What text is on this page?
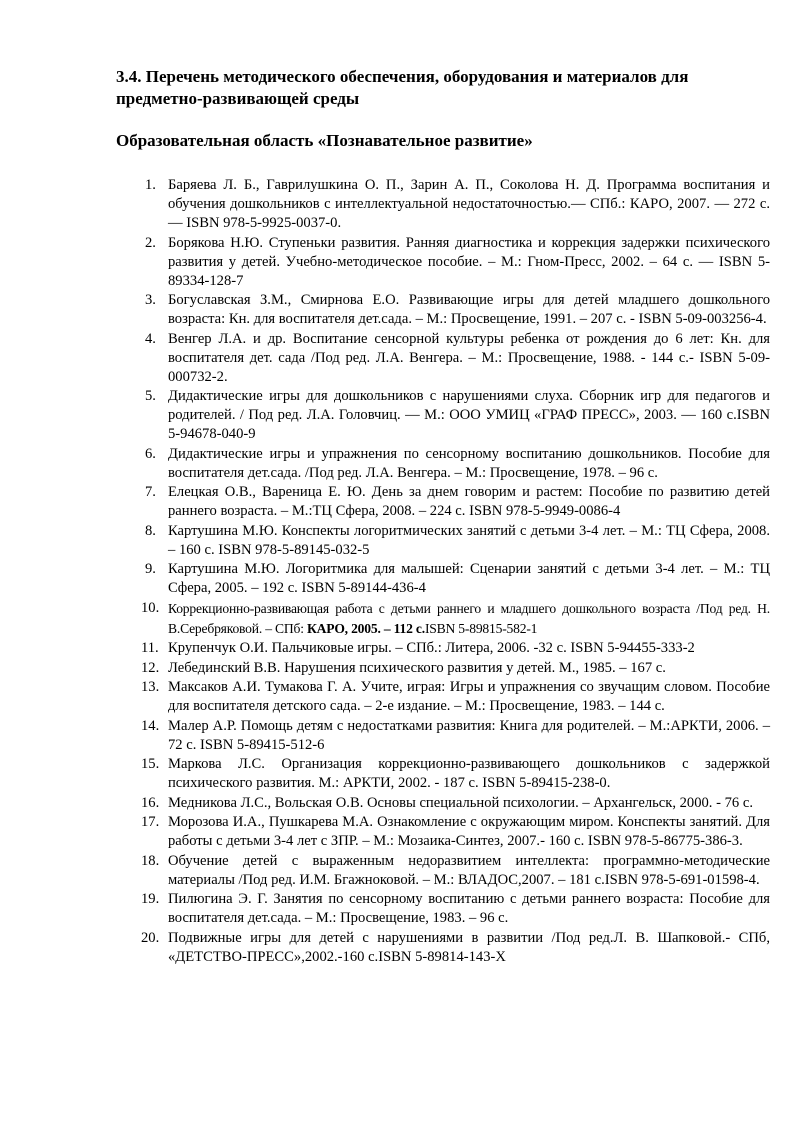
3.4. Перечень методического обеспечения, оборудования и материалов для предметно-развивающей среды
Образовательная область «Познавательное развитие»
1. Баряева Л. Б., Гаврилушкина О. П., Зарин А. П., Соколова Н. Д. Программа воспитания и обучения дошкольников с интеллектуальной недостаточностью.— СПб.: КАРО, 2007. — 272 с. — ISBN 978-5-9925-0037-0.
2. Борякова Н.Ю. Ступеньки развития. Ранняя диагностика и коррекция задержки психического развития у детей. Учебно-методическое пособие. – М.: Гном-Пресс, 2002. – 64 с. — ISBN 5-89334-128-7
3. Богуславская З.М., Смирнова Е.О. Развивающие игры для детей младшего дошкольного возраста: Кн. для воспитателя дет.сада. – М.: Просвещение, 1991. – 207 с. - ISBN 5-09-003256-4.
4. Венгер Л.А. и др. Воспитание сенсорной культуры ребенка от рождения до 6 лет: Кн. для воспитателя дет. сада /Под ред. Л.А. Венгера. – М.: Просвещение, 1988. - 144 с.- ISBN 5-09-000732-2.
5. Дидактические игры для дошкольников с нарушениями слуха. Сборник игр для педагогов и родителей. / Под ред. Л.А. Головчиц. — М.: ООО УМИЦ «ГРАФ ПРЕСС», 2003. — 160 с.ISBN 5-94678-040-9
6. Дидактические игры и упражнения по сенсорному воспитанию дошкольников. Пособие для воспитателя дет.сада. /Под ред. Л.А. Венгера. – М.: Просвещение, 1978. – 96 с.
7. Елецкая О.В., Вареница Е. Ю. День за днем говорим и растем: Пособие по развитию детей раннего возраста. – М.:ТЦ Сфера, 2008. – 224 с. ISBN 978-5-9949-0086-4
8. Картушина М.Ю. Конспекты логоритмических занятий с детьми 3-4 лет. – М.: ТЦ Сфера, 2008. – 160 с. ISBN 978-5-89145-032-5
9. Картушина М.Ю. Логоритмика для малышей: Сценарии занятий с детьми 3-4 лет. – М.: ТЦ Сфера, 2005. – 192 с. ISBN 5-89144-436-4
10. Коррекционно-развивающая работа с детьми раннего и младшего дошкольного возраста /Под ред. Н. В.Серебряковой. – СПб: КАРО, 2005. – 112 с.ISBN 5-89815-582-1
11. Крупенчук О.И. Пальчиковые игры. – СПб.: Литера, 2006. -32 с. ISBN 5-94455-333-2
12. Лебединский В.В. Нарушения психического развития у детей. М., 1985. – 167 с.
13. Максаков А.И. Тумакова Г. А. Учите, играя: Игры и упражнения со звучащим словом. Пособие для воспитателя детского сада. – 2-е издание. – М.: Просвещение, 1983. – 144 с.
14. Малер А.Р. Помощь детям с недостатками развития: Книга для родителей. – М.:АРКТИ, 2006. – 72 с. ISBN 5-89415-512-6
15. Маркова Л.С. Организация коррекционно-развивающего дошкольников с задержкой психического развития. М.: АРКТИ, 2002. - 187 с. ISBN 5-89415-238-0.
16. Медникова Л.С., Вольская О.В. Основы специальной психологии. – Архангельск, 2000. - 76 с.
17. Морозова И.А., Пушкарева М.А. Ознакомление с окружающим миром. Конспекты занятий. Для работы с детьми 3-4 лет с ЗПР. – М.: Мозаика-Синтез, 2007.- 160 с. ISBN 978-5-86775-386-3.
18. Обучение детей с выраженным недоразвитием интеллекта: программно-методические материалы /Под ред. И.М. Бгажноковой. – М.: ВЛАДОС,2007. – 181 с.ISBN 978-5-691-01598-4.
19. Пилюгина Э. Г. Занятия по сенсорному воспитанию с детьми раннего возраста: Пособие для воспитателя дет.сада. – М.: Просвещение, 1983. – 96 с.
20. Подвижные игры для детей с нарушениями в развитии /Под ред.Л. В. Шапковой.- СПб, «ДЕТСТВО-ПРЕСС»,2002.-160 с.ISBN 5-89814-143-Х
